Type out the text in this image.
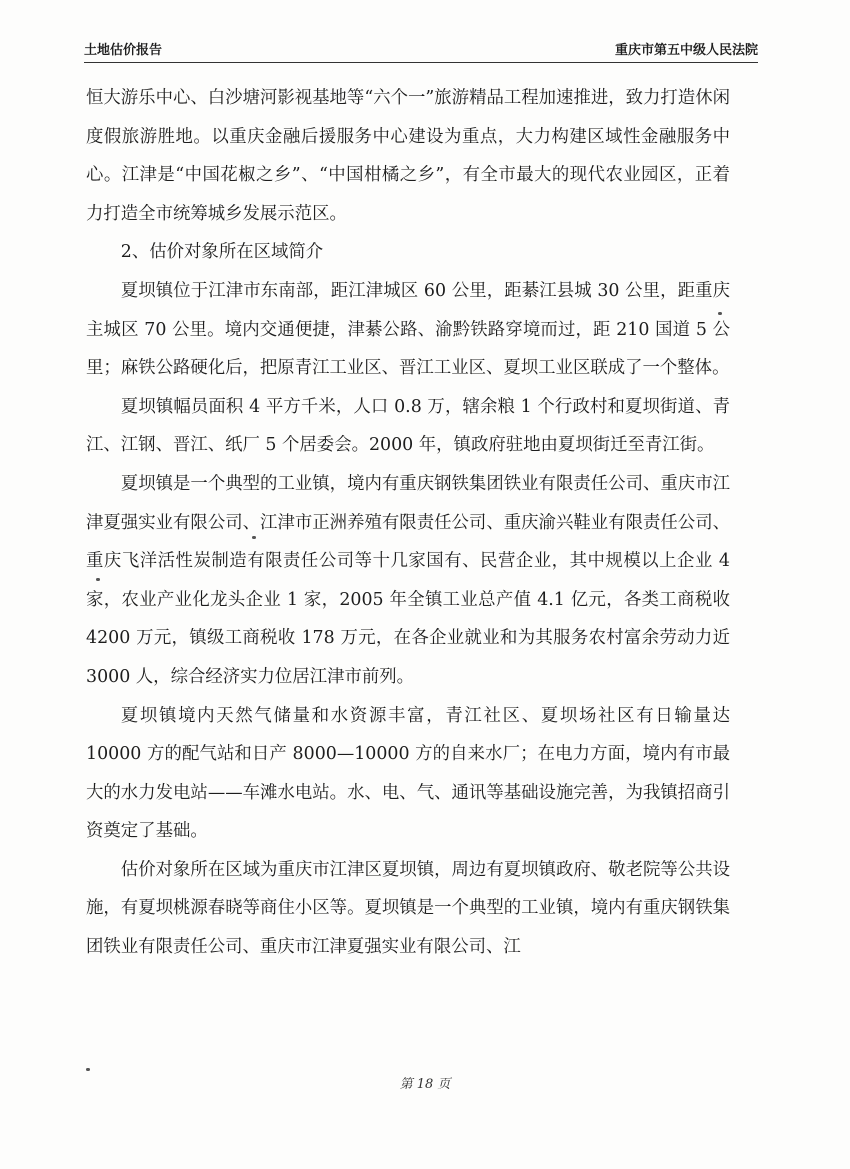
土地估价报告	重庆市第五中级人民法院

恒大游乐中心、白沙塘河影视基地等“六个一”旅游精品工程加速推进，致力打造休闲度假旅游胜地。以重庆金融后援服务中心建设为重点，大力构建区域性金融服务中心。江津是“中国花椒之乡”、“中国柑橘之乡”，有全市最大的现代农业园区，正着力打造全市统筹城乡发展示范区。

2、估价对象所在区域简介

夏坝镇位于江津市东南部，距江津城区 60 公里，距綦江县城 30 公里，距重庆主城区 70 公里。境内交通便捷，津綦公路、渝黔铁路穿境而过，距 210 国道 5 公里；麻铁公路硬化后，把原青江工业区、晋江工业区、夏坝工业区联成了一个整体。

夏坝镇幅员面积 4 平方千米，人口 0.8 万，辖余粮 1 个行政村和夏坝街道、青江、江钢、晋江、纸厂 5 个居委会。2000 年，镇政府驻地由夏坝街迁至青江街。

夏坝镇是一个典型的工业镇，境内有重庆钢铁集团铁业有限责任公司、重庆市江津夏强实业有限公司、江津市正洲养殖有限责任公司、重庆渝兴鞋业有限责任公司、重庆飞洋活性炭制造有限责任公司等十几家国有、民营企业，其中规模以上企业 4 家，农业产业化龙头企业 1 家，2005 年全镇工业总产值 4.1 亿元，各类工商税收 4200 万元，镇级工商税收 178 万元，在各企业就业和为其服务农村富余劳动力近 3000 人，综合经济实力位居江津市前列。

夏坝镇境内天然气储量和水资源丰富，青江社区、夏坝场社区有日输量达 10000 方的配气站和日产 8000—10000 方的自来水厂；在电力方面，境内有市最大的水力发电站——车滩水电站。水、电、气、通讯等基础设施完善，为我镇招商引资奠定了基础。

估价对象所在区域为重庆市江津区夏坝镇，周边有夏坝镇政府、敬老院等公共设施，有夏坝桃源春晓等商住小区等。夏坝镇是一个典型的工业镇，境内有重庆钢铁集团铁业有限责任公司、重庆市江津夏强实业有限公司、江

第 18 页
